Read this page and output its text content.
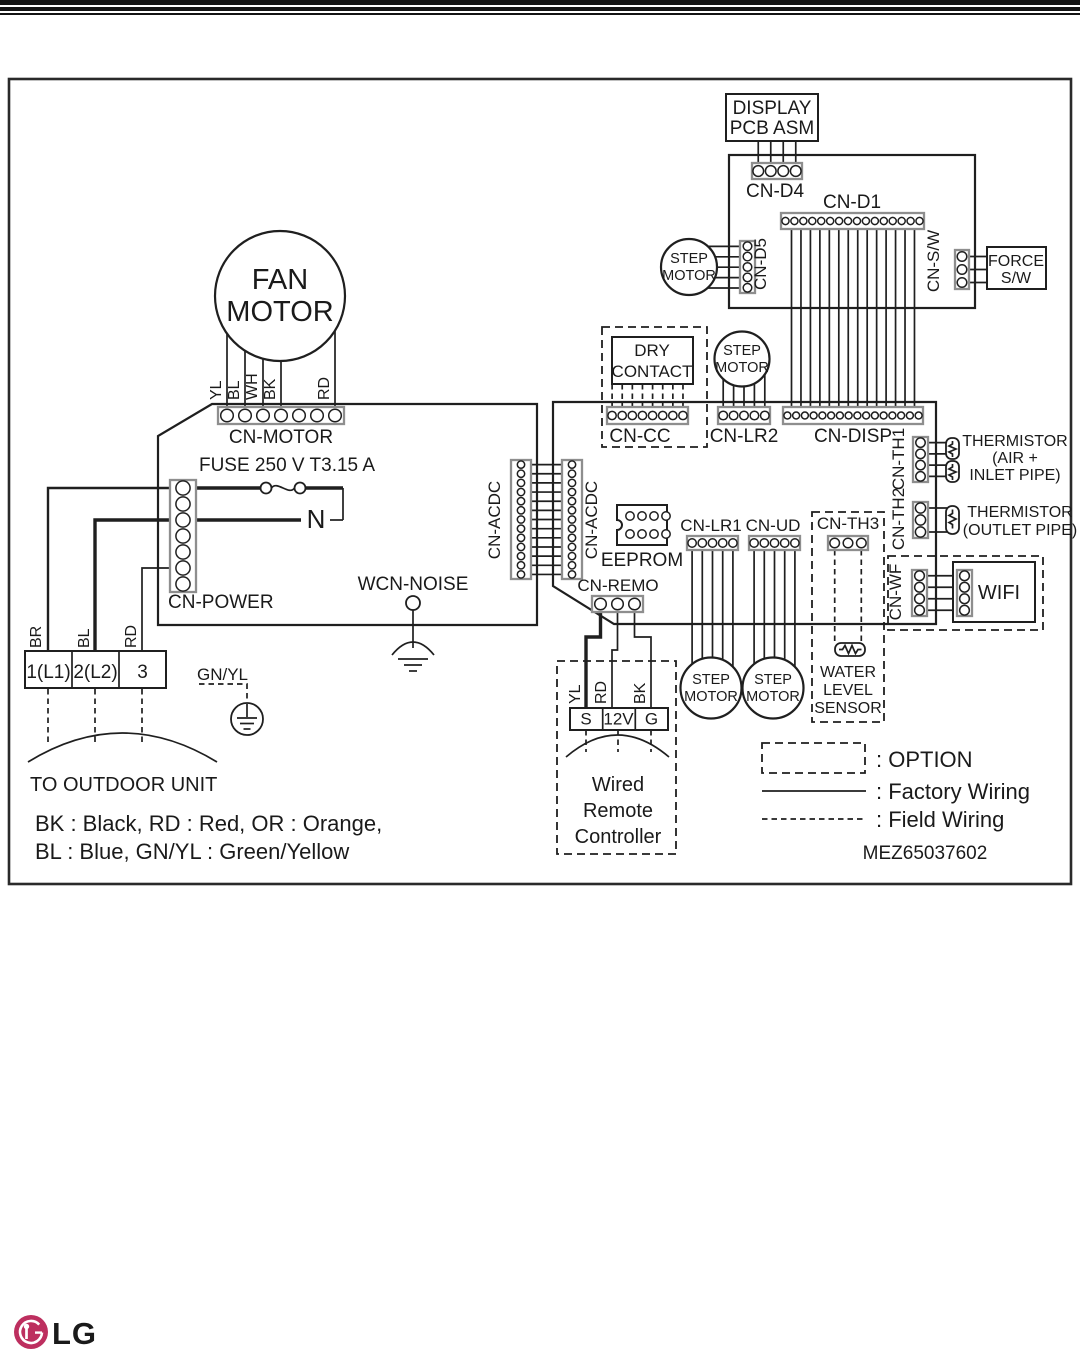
DISPLAY
PCB ASM
CN-D4
CN-D1
CN-D5	CN-S/W	FORCE
S/W
STEP
MOTOR
FAN
MOTOR
YL BL WH BK RD
CN-MOTOR
FUSE 250 V T3.15 A
N
CN-POWER
WCN-NOISE
CN-ACDC	CN-ACDC
EEPROM
DRY
CONTACT
CN-CC
STEP
MOTOR
CN-LR2 CN-DISP
CN-TH1	THERMISTOR
(AIR +
INLET PIPE)
CN-TH2	THERMISTOR
(OUTLET PIPE)
CN-LR1 CN-UD CN-TH3
STEP
MOTOR
STEP
MOTOR
WATER
LEVEL
SENSOR
CN-WF	WIFI
CN-REMO
YL RD BK
S 12V G
Wired
Remote
Controller
BR BL RD
1(L1) 2(L2) 3	GN/YL
TO OUTDOOR UNIT
: OPTION
: Factory Wiring
: Field Wiring
MEZ65037602
BK : Black, RD : Red, OR : Orange,
BL : Blue, GN/YL : Green/Yellow
LG
